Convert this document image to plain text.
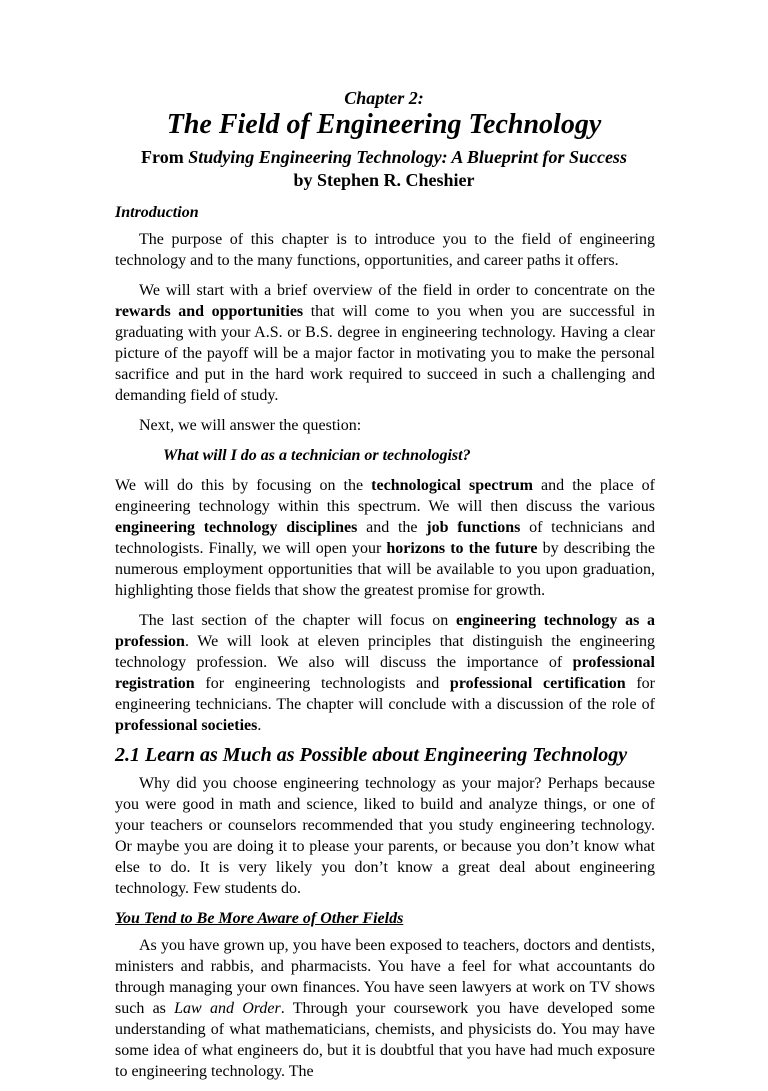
Chapter 2:
The Field of Engineering Technology
From Studying Engineering Technology: A Blueprint for Success
by Stephen R. Cheshier
Introduction

The purpose of this chapter is to introduce you to the field of engineering technology and to the many functions, opportunities, and career paths it offers.

We will start with a brief overview of the field in order to concentrate on the rewards and opportunities that will come to you when you are successful in graduating with your A.S. or B.S. degree in engineering technology. Having a clear picture of the payoff will be a major factor in motivating you to make the personal sacrifice and put in the hard work required to succeed in such a challenging and demanding field of study.

Next, we will answer the question:

What will I do as a technician or technologist?

We will do this by focusing on the technological spectrum and the place of engineering technology within this spectrum. We will then discuss the various engineering technology disciplines and the job functions of technicians and technologists. Finally, we will open your horizons to the future by describing the numerous employment opportunities that will be available to you upon graduation, highlighting those fields that show the greatest promise for growth.

The last section of the chapter will focus on engineering technology as a profession. We will look at eleven principles that distinguish the engineering technology profession. We also will discuss the importance of professional registration for engineering technologists and professional certification for engineering technicians. The chapter will conclude with a discussion of the role of professional societies.

2.1 Learn as Much as Possible about Engineering Technology

Why did you choose engineering technology as your major? Perhaps because you were good in math and science, liked to build and analyze things, or one of your teachers or counselors recommended that you study engineering technology. Or maybe you are doing it to please your parents, or because you don’t know what else to do. It is very likely you don’t know a great deal about engineering technology. Few students do.

You Tend to Be More Aware of Other Fields

As you have grown up, you have been exposed to teachers, doctors and dentists, ministers and rabbis, and pharmacists. You have a feel for what accountants do through managing your own finances. You have seen lawyers at work on TV shows such as Law and Order. Through your coursework you have developed some understanding of what mathematicians, chemists, and physicists do. You may have some idea of what engineers do, but it is doubtful that you have had much exposure to engineering technology. The
